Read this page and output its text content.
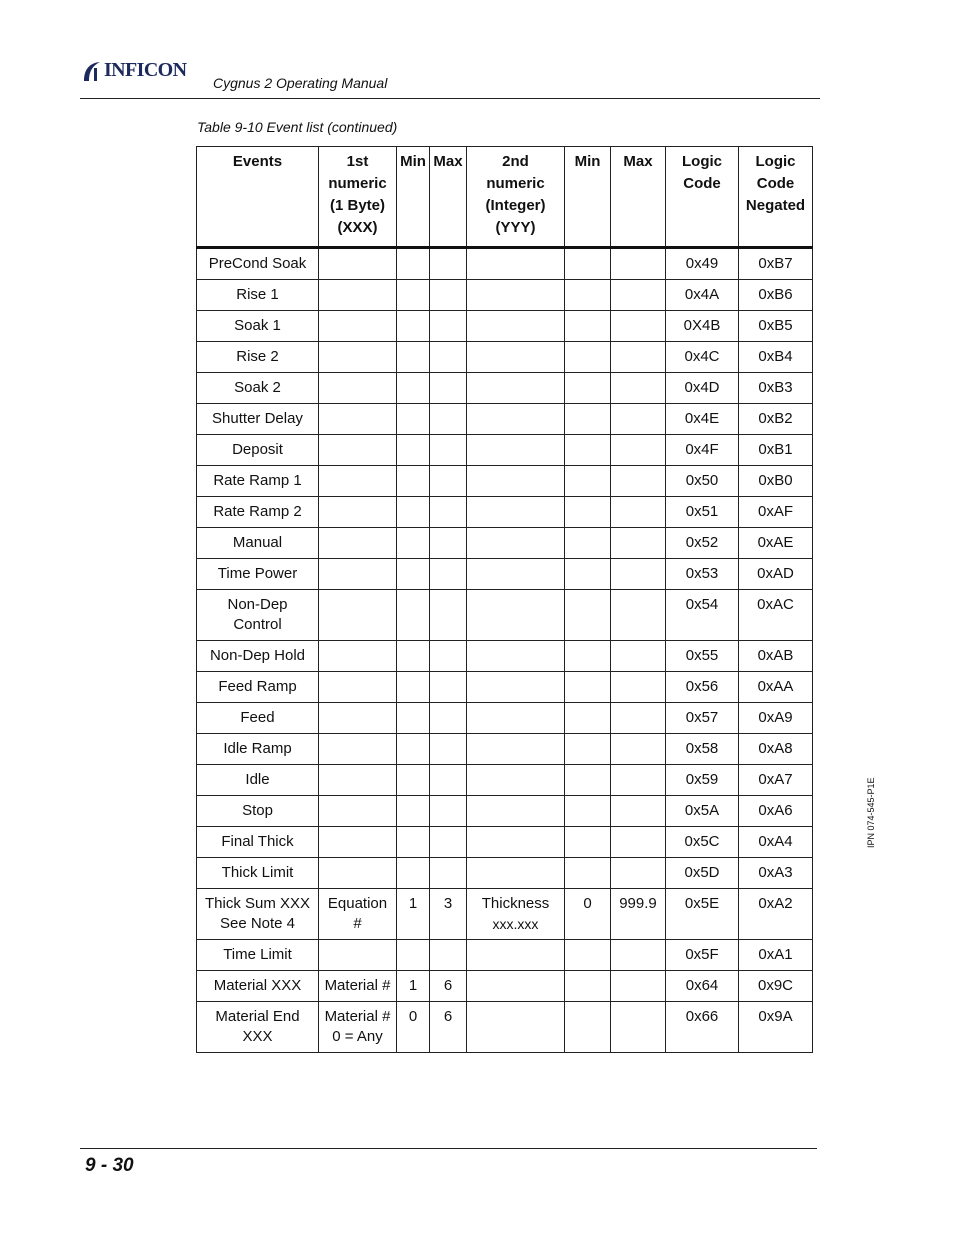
INFICON
Cygnus 2 Operating Manual
Table 9-10 Event list (continued)
Events	1st
numeric
(1 Byte)
(XXX)	Min	Max	2nd
numeric
(Integer)
(YYY)	Min	Max	Logic
Code	Logic
Code
Negated

PreCond Soak							0x49	0xB7

Rise 1							0x4A	0xB6

Soak 1							0X4B	0xB5

Rise 2							0x4C	0xB4

Soak 2							0x4D	0xB3

Shutter Delay							0x4E	0xB2

Deposit							0x4F	0xB1

Rate Ramp 1							0x50	0xB0

Rate Ramp 2							0x51	0xAF

Manual							0x52	0xAE

Time Power							0x53	0xAD

Non-Dep
Control							0x54	0xAC

Non-Dep Hold							0x55	0xAB

Feed Ramp							0x56	0xAA

Feed							0x57	0xA9

Idle Ramp							0x58	0xA8

Idle							0x59	0xA7

Stop							0x5A	0xA6

Final Thick							0x5C	0xA4

Thick Limit							0x5D	0xA3

Thick Sum XXX
See Note 4	Equation
#	1	3	Thickness
xxx.xxx	0	999.9	0x5E	0xA2

Time Limit							0x5F	0xA1

Material XXX	Material #	1	6				0x64	0x9C

Material End
XXX	Material #
0 = Any	0	6				0x66	0x9A
IPN 074-545-P1E
9 - 30
